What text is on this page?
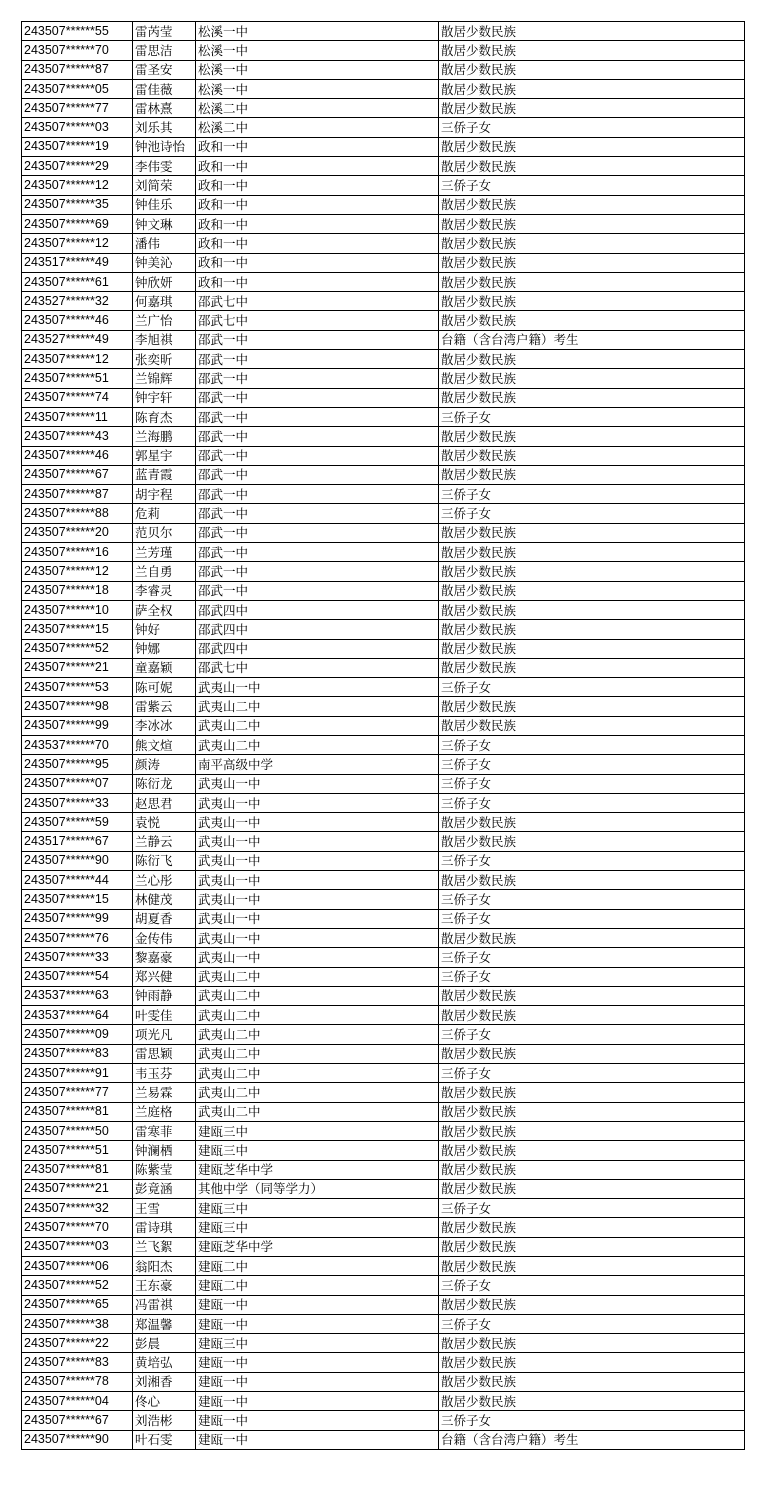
243507******55	雷芮莹	松溪一中	散居少数民族
243507******70	雷思洁	松溪一中	散居少数民族
243507******87	雷圣安	松溪一中	散居少数民族
243507******05	雷佳薇	松溪一中	散居少数民族
243507******77	雷林熹	松溪二中	散居少数民族
243507******03	刘乐其	松溪二中	三侨子女
243507******19	钟池诗怡	政和一中	散居少数民族
243507******29	李伟雯	政和一中	散居少数民族
243507******12	刘简荣	政和一中	三侨子女
243507******35	钟佳乐	政和一中	散居少数民族
243507******69	钟文琳	政和一中	散居少数民族
243507******12	潘伟	政和一中	散居少数民族
243517******49	钟美沁	政和一中	散居少数民族
243507******61	钟欣妍	政和一中	散居少数民族
243527******32	何嘉琪	邵武七中	散居少数民族
243507******46	兰广怡	邵武七中	散居少数民族
243527******49	李旭祺	邵武一中	台籍（含台湾户籍）考生
243507******12	张奕昕	邵武一中	散居少数民族
243507******51	兰锦辉	邵武一中	散居少数民族
243507******74	钟宇轩	邵武一中	散居少数民族
243507******11	陈育杰	邵武一中	三侨子女
243507******43	兰海鹏	邵武一中	散居少数民族
243507******46	郭星宇	邵武一中	散居少数民族
243507******67	蓝青霞	邵武一中	散居少数民族
243507******87	胡宇程	邵武一中	三侨子女
243507******88	危莉	邵武一中	三侨子女
243507******20	范贝尔	邵武一中	散居少数民族
243507******16	兰芳瑾	邵武一中	散居少数民族
243507******12	兰自勇	邵武一中	散居少数民族
243507******18	李睿灵	邵武一中	散居少数民族
243507******10	萨全权	邵武四中	散居少数民族
243507******15	钟好	邵武四中	散居少数民族
243507******52	钟娜	邵武四中	散居少数民族
243507******21	童嘉颖	邵武七中	散居少数民族
243507******53	陈可妮	武夷山一中	三侨子女
243507******98	雷紫云	武夷山二中	散居少数民族
243507******99	李冰冰	武夷山二中	散居少数民族
243537******70	熊文煊	武夷山二中	三侨子女
243507******95	颜涛	南平高级中学	三侨子女
243507******07	陈衍龙	武夷山一中	三侨子女
243507******33	赵思君	武夷山一中	三侨子女
243507******59	袁悦	武夷山一中	散居少数民族
243517******67	兰静云	武夷山一中	散居少数民族
243507******90	陈衍飞	武夷山一中	三侨子女
243507******44	兰心彤	武夷山一中	散居少数民族
243507******15	林健茂	武夷山一中	三侨子女
243507******99	胡夏香	武夷山一中	三侨子女
243507******76	金传伟	武夷山一中	散居少数民族
243507******33	黎嘉豪	武夷山一中	三侨子女
243507******54	郑兴健	武夷山二中	三侨子女
243537******63	钟雨静	武夷山二中	散居少数民族
243537******64	叶雯佳	武夷山二中	散居少数民族
243507******09	项光凡	武夷山二中	三侨子女
243507******83	雷思颖	武夷山二中	散居少数民族
243507******91	韦玉芬	武夷山二中	三侨子女
243507******77	兰易霖	武夷山二中	散居少数民族
243507******81	兰庭格	武夷山二中	散居少数民族
243507******50	雷寒菲	建瓯三中	散居少数民族
243507******51	钟澜栖	建瓯三中	散居少数民族
243507******81	陈紫莹	建瓯芝华中学	散居少数民族
243507******21	彭竟涵	其他中学（同等学力）	散居少数民族
243507******32	王雪	建瓯三中	三侨子女
243507******70	雷诗琪	建瓯三中	散居少数民族
243507******03	兰飞絮	建瓯芝华中学	散居少数民族
243507******06	翁阳杰	建瓯二中	散居少数民族
243507******52	王东豪	建瓯二中	三侨子女
243507******65	冯雷祺	建瓯一中	散居少数民族
243507******38	郑温馨	建瓯一中	三侨子女
243507******22	彭晨	建瓯三中	散居少数民族
243507******83	黄培弘	建瓯一中	散居少数民族
243507******78	刘湘香	建瓯一中	散居少数民族
243507******04	佟心	建瓯一中	散居少数民族
243507******67	刘浩彬	建瓯一中	三侨子女
243507******90	叶石雯	建瓯一中	台籍（含台湾户籍）考生
